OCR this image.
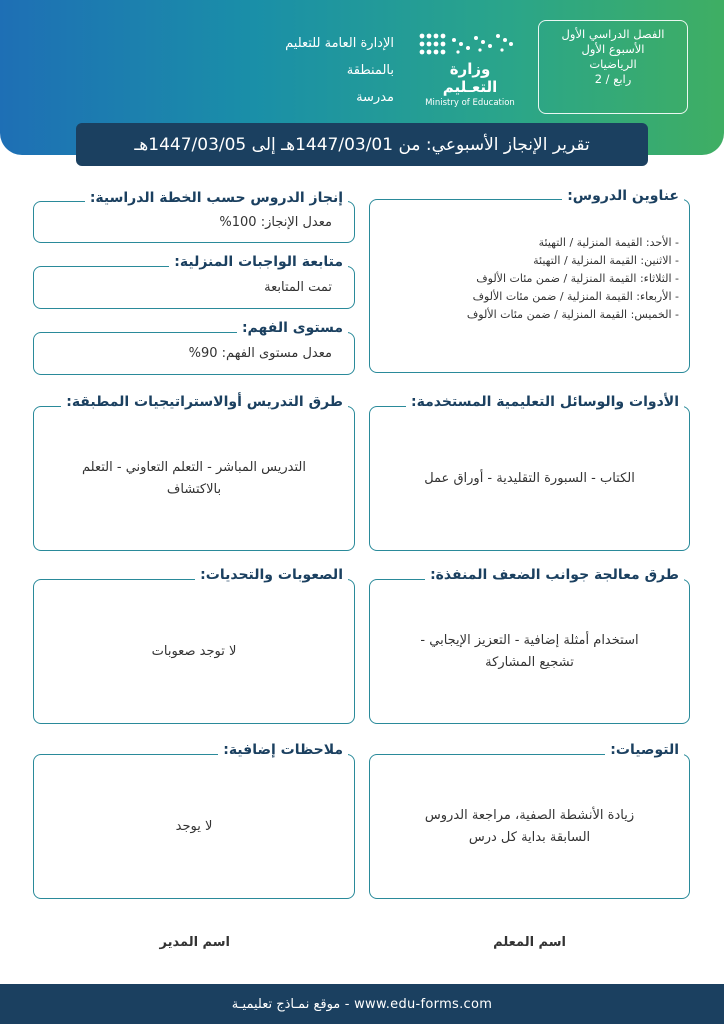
الفصل الدراسي الأول
الأسبوع الأول
الرياضيات
رابع / 2
وزارة التعـليم
Ministry of Education
الإدارة العامة للتعليم
بالمنطقة
مدرسة
تقرير الإنجاز الأسبوعي: من 1447/03/01هـ إلى 1447/03/05هـ
- الأحد: القيمة المنزلية / التهيئة
- الاثنين: القيمة المنزلية / التهيئة
- الثلاثاء: القيمة المنزلية / ضمن مئات الألوف
- الأربعاء: القيمة المنزلية / ضمن مئات الألوف
- الخميس: القيمة المنزلية / ضمن مئات الألوف
عناوين الدروس:
معدل الإنجاز: 100%
إنجاز الدروس حسب الخطة الدراسية:
تمت المتابعة
متابعة الواجبات المنزلية:
معدل مستوى الفهم: 90%
مستوى الفهم:
الكتاب - السبورة التقليدية - أوراق عمل
الأدوات والوسائل التعليمية المستخدمة:
التدريس المباشر - التعلم التعاوني - التعلم بالاكتشاف
طرق التدريس أوالاستراتيجيات المطبقة:
استخدام أمثلة إضافية - التعزيز الإيجابي - تشجيع المشاركة
طرق معالجة جوانب الضعف المنفذة:
لا توجد صعوبات
الصعوبات والتحديات:
زيادة الأنشطة الصفية، مراجعة الدروس السابقة بداية كل درس
التوصيات:
لا يوجد
ملاحظات إضافية:
اسم المعلم
اسم المدير
www.edu-forms.com - موقع نمـاذج تعليميـة
